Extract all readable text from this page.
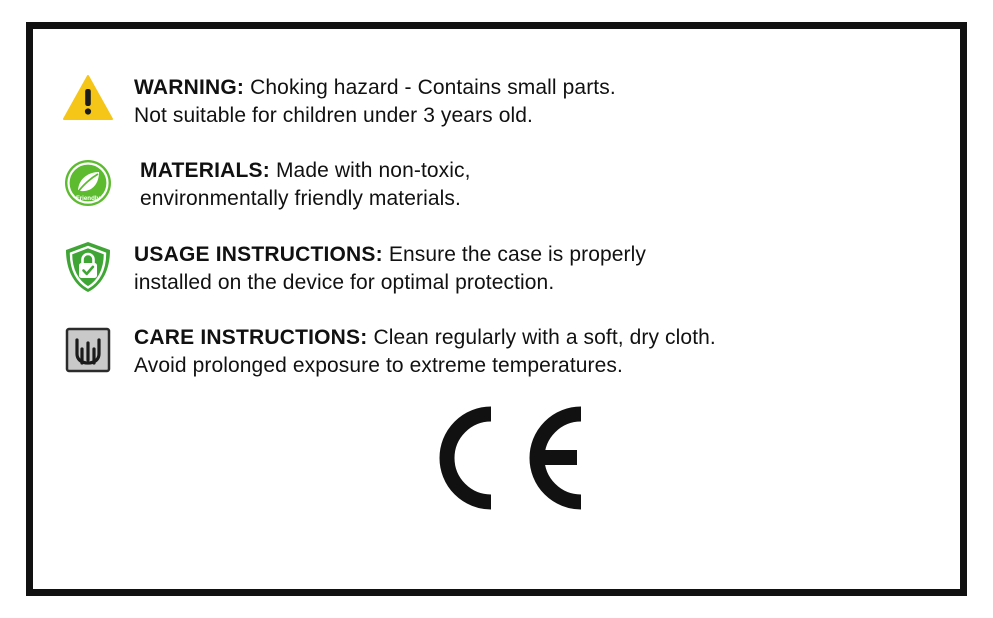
WARNING: Choking hazard - Contains small parts.
Not suitable for children under 3 years old.
Friendly
MATERIALS: Made with non-toxic,
environmentally friendly materials.
USAGE INSTRUCTIONS: Ensure the case is properly
installed on the device for optimal protection.
CARE INSTRUCTIONS: Clean regularly with a soft, dry cloth.
Avoid prolonged exposure to extreme temperatures.
